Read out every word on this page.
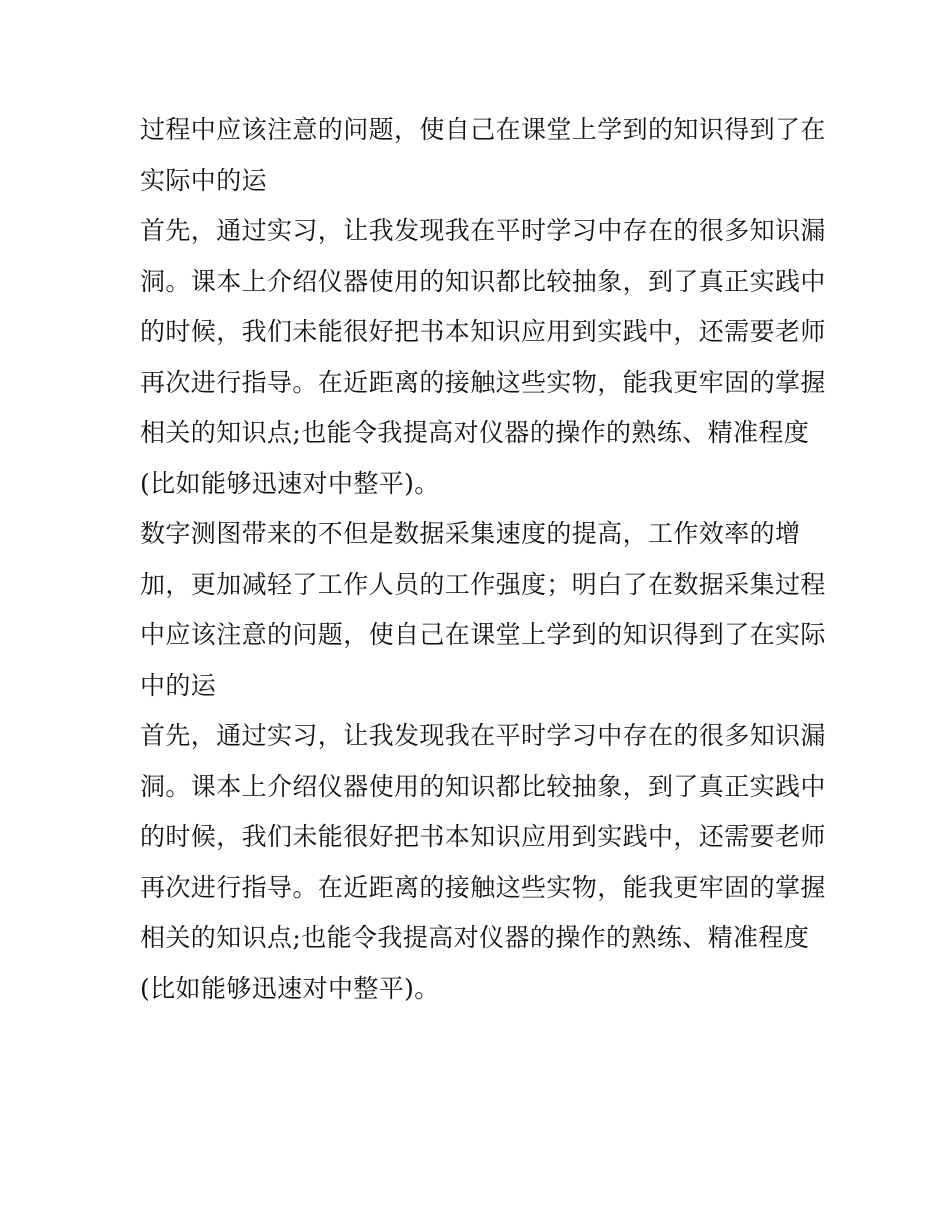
过程中应该注意的问题，使自己在课堂上学到的知识得到了在
实际中的运
首先，通过实习，让我发现我在平时学习中存在的很多知识漏
洞。课本上介绍仪器使用的知识都比较抽象，到了真正实践中
的时候，我们未能很好把书本知识应用到实践中，还需要老师
再次进行指导。在近距离的接触这些实物，能我更牢固的掌握
相关的知识点;也能令我提高对仪器的操作的熟练、精准程度
(比如能够迅速对中整平)。
数字测图带来的不但是数据采集速度的提高，工作效率的增
加，更加减轻了工作人员的工作强度；明白了在数据采集过程
中应该注意的问题，使自己在课堂上学到的知识得到了在实际
中的运
首先，通过实习，让我发现我在平时学习中存在的很多知识漏
洞。课本上介绍仪器使用的知识都比较抽象，到了真正实践中
的时候，我们未能很好把书本知识应用到实践中，还需要老师
再次进行指导。在近距离的接触这些实物，能我更牢固的掌握
相关的知识点;也能令我提高对仪器的操作的熟练、精准程度
(比如能够迅速对中整平)。
